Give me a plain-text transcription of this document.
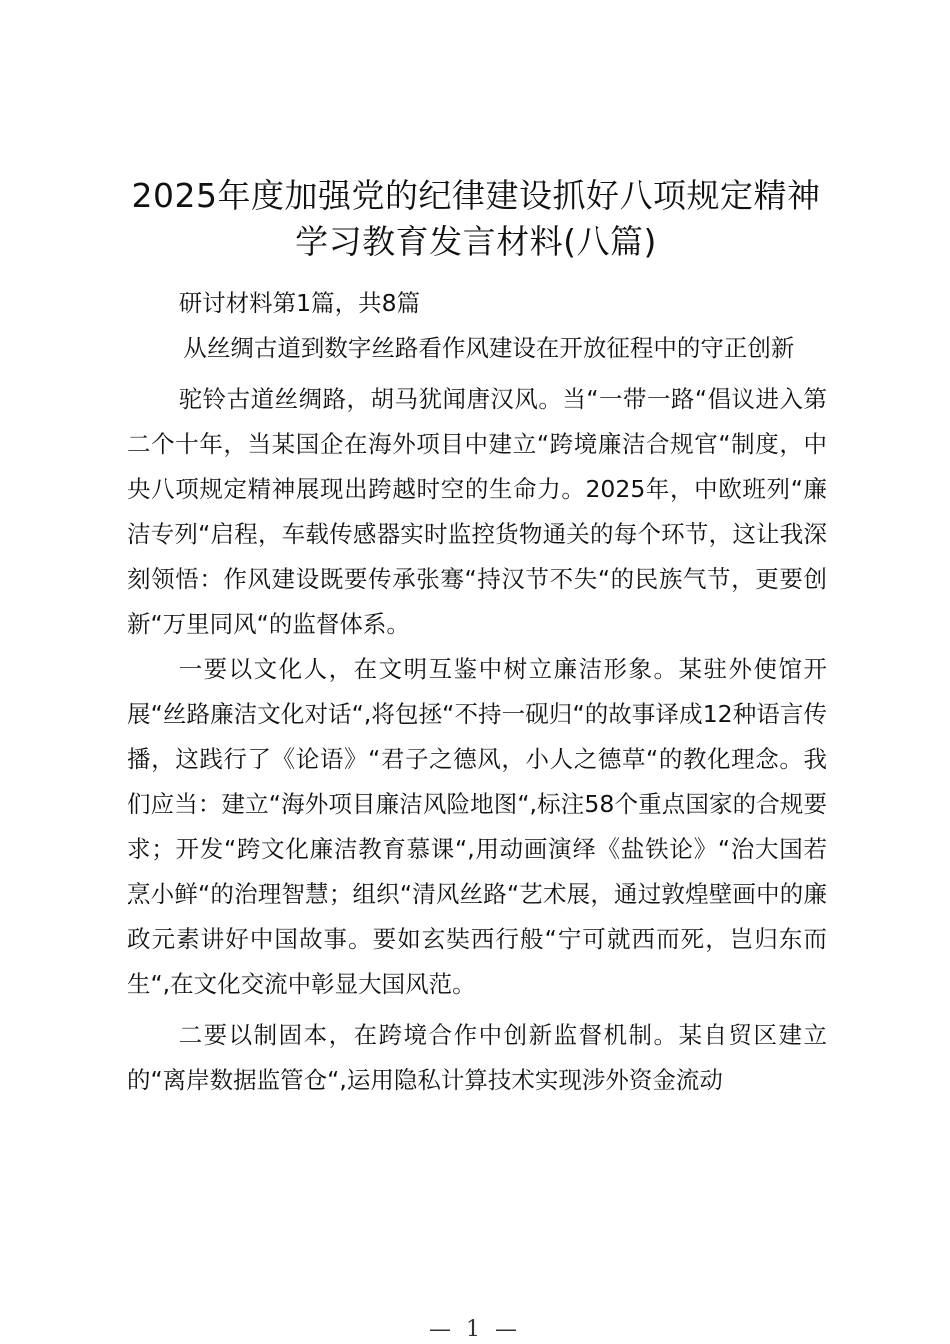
2025年度加强党的纪律建设抓好八项规定精神学习教育发言材料(八篇)

研讨材料第1篇，共8篇

从丝绸古道到数字丝路看作风建设在开放征程中的守正创新

驼铃古道丝绸路，胡马犹闻唐汉风。当“一带一路“倡议进入第二个十年，当某国企在海外项目中建立“跨境廉洁合规官“制度，中央八项规定精神展现出跨越时空的生命力。2025年，中欧班列“廉洁专列“启程，车载传感器实时监控货物通关的每个环节，这让我深刻领悟：作风建设既要传承张骞“持汉节不失“的民族气节，更要创新“万里同风“的监督体系。

一要以文化人，在文明互鉴中树立廉洁形象。某驻外使馆开展“丝路廉洁文化对话“,将包拯“不持一砚归“的故事译成12种语言传播，这践行了《论语》“君子之德风，小人之德草“的教化理念。我们应当：建立“海外项目廉洁风险地图“,标注58个重点国家的合规要求；开发“跨文化廉洁教育慕课“,用动画演绎《盐铁论》“治大国若烹小鲜“的治理智慧；组织“清风丝路“艺术展，通过敦煌壁画中的廉政元素讲好中国故事。要如玄奘西行般“宁可就西而死，岂归东而生“,在文化交流中彰显大国风范。

二要以制固本，在跨境合作中创新监督机制。某自贸区建立的“离岸数据监管仓“,运用隐私计算技术实现涉外资金流动

— 1 —
